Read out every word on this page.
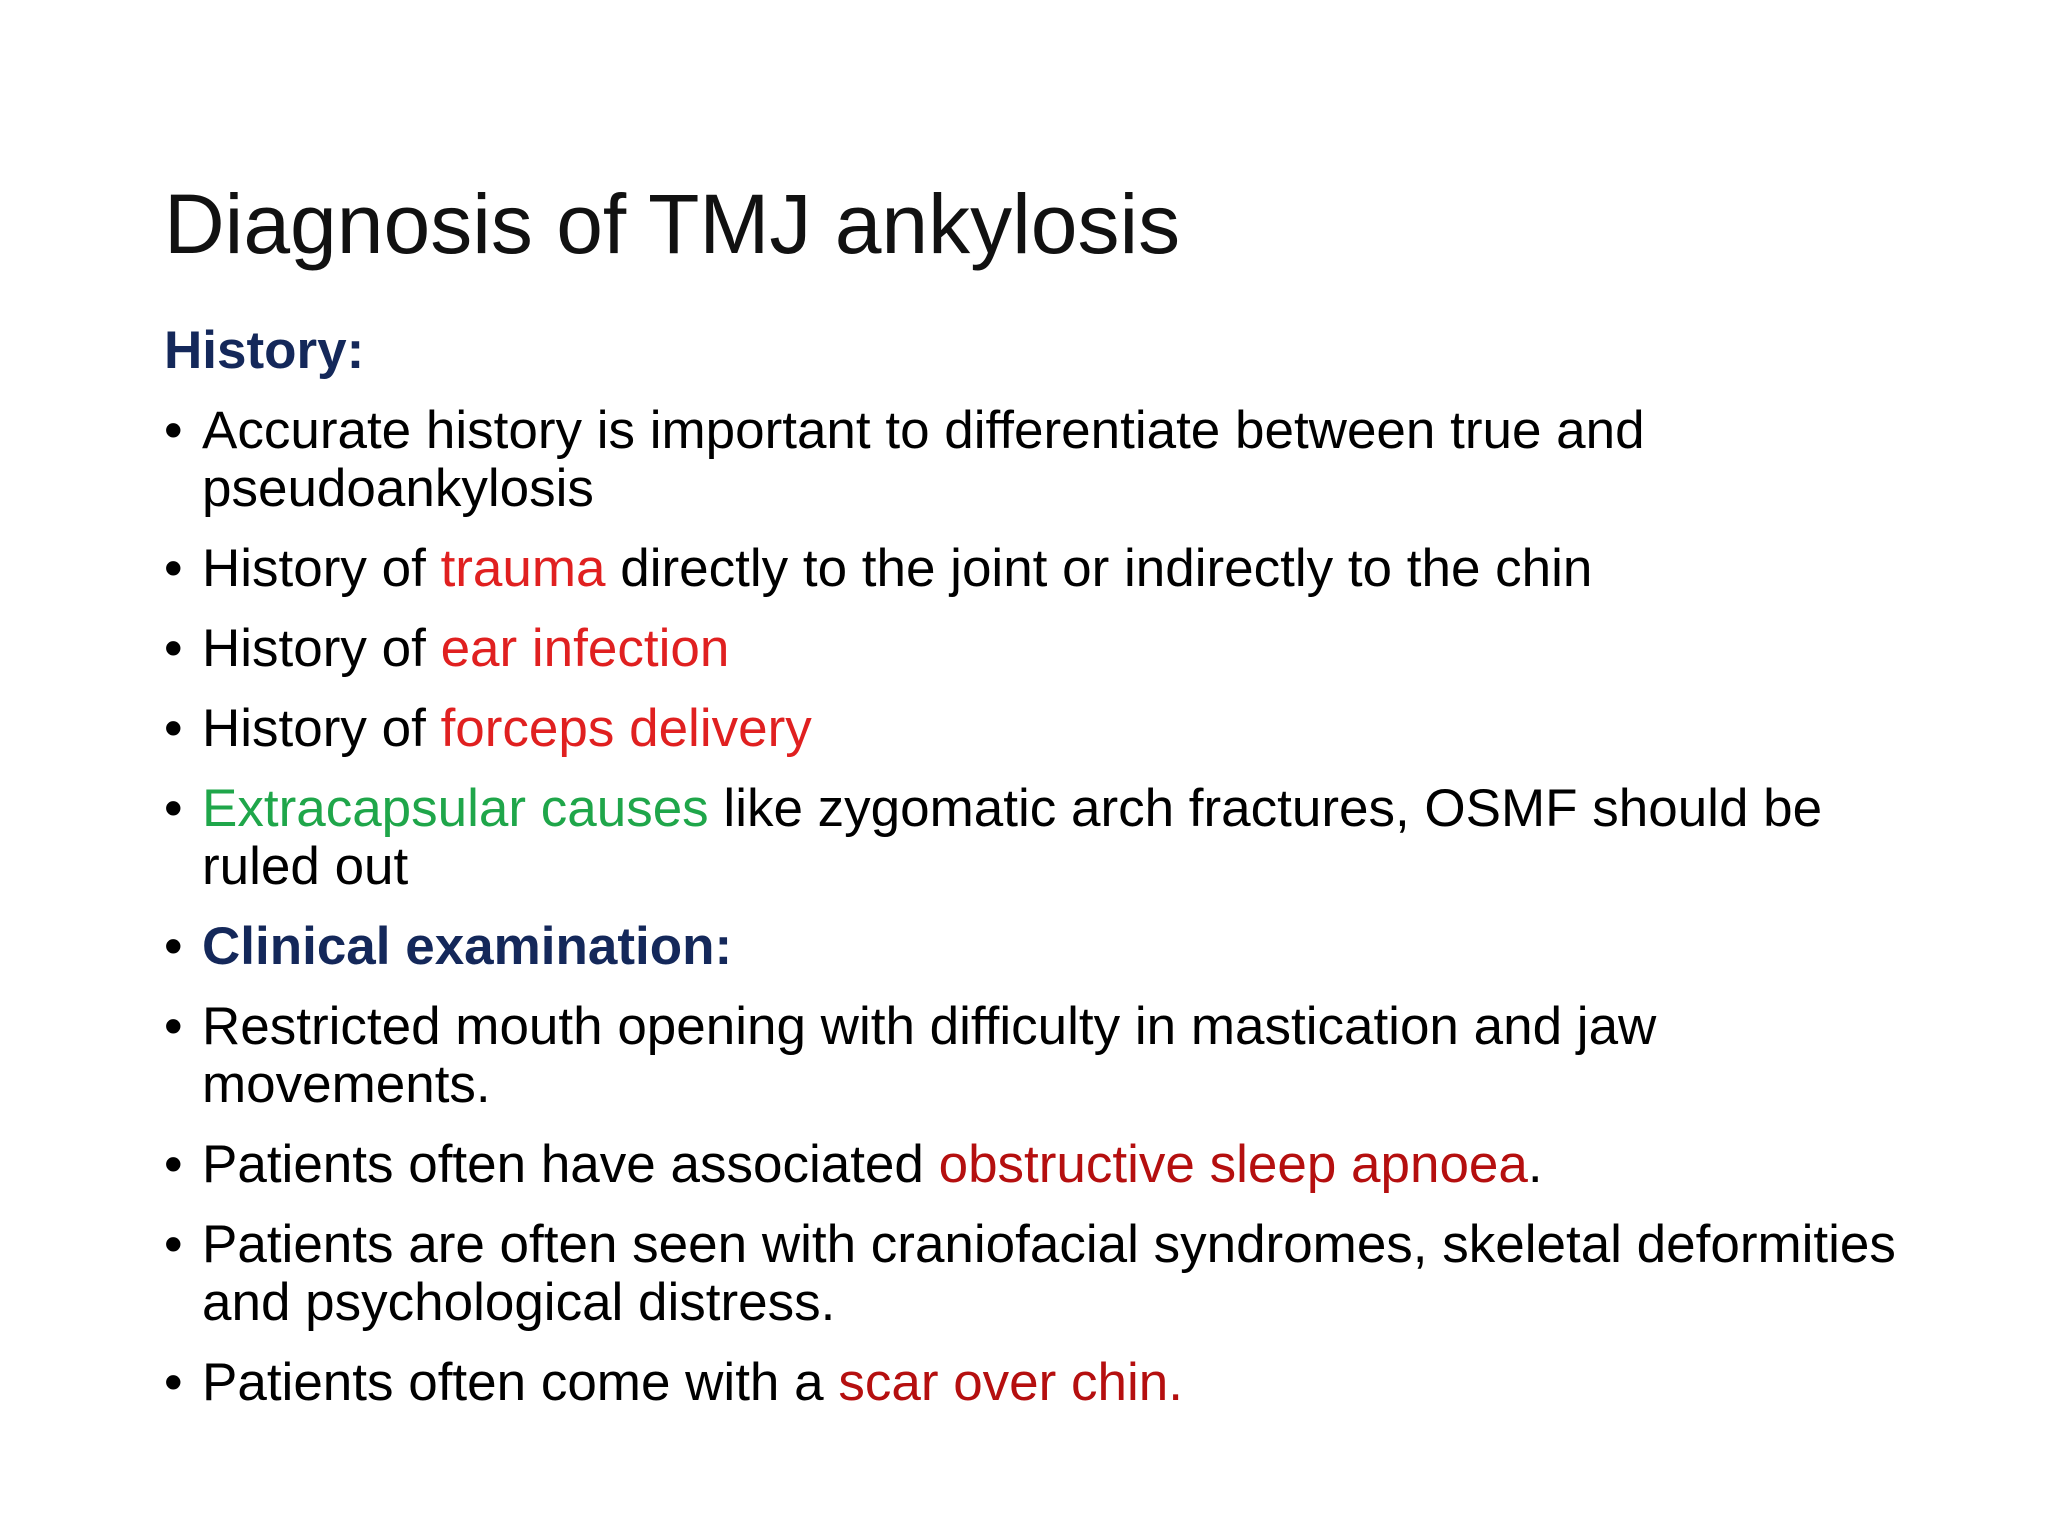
Diagnosis of TMJ ankylosis
History:
• Accurate history is important to differentiate between true and pseudoankylosis
• History of trauma directly to the joint or indirectly to the chin
• History of ear infection
• History of forceps delivery
• Extracapsular causes like zygomatic arch fractures, OSMF should be ruled out
• Clinical examination:
• Restricted mouth opening with difficulty in mastication and jaw movements.
• Patients often have associated obstructive sleep apnoea.
• Patients are often seen with craniofacial syndromes, skeletal deformities and psychological distress.
• Patients often come with a scar over chin.
